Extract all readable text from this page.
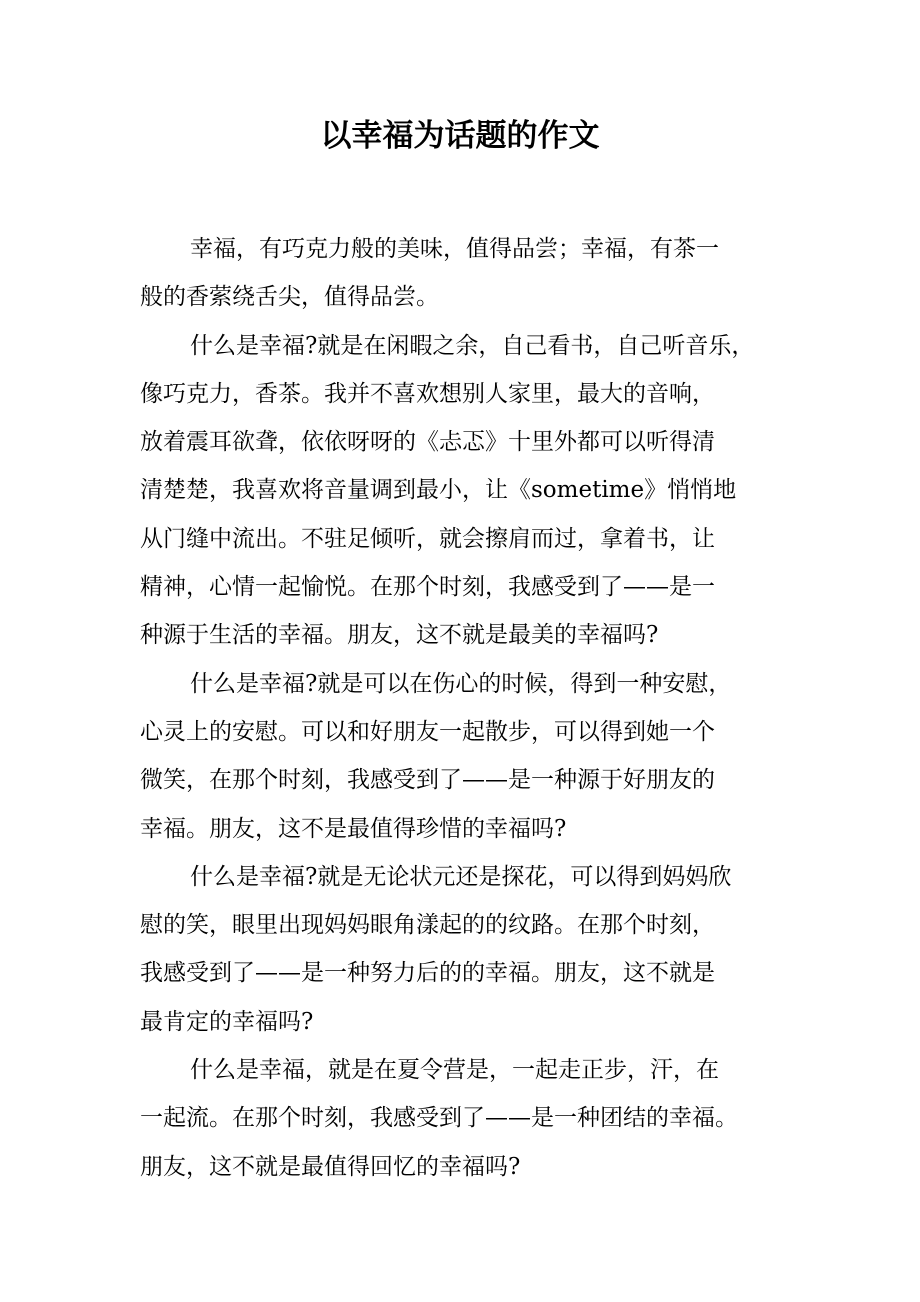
以幸福为话题的作文

幸福，有巧克力般的美味，值得品尝；幸福，有茶一

般的香萦绕舌尖，值得品尝。

什么是幸福?就是在闲暇之余，自己看书，自己听音乐，

像巧克力，香茶。我并不喜欢想别人家里，最大的音响，

放着震耳欲聋，依依呀呀的《忐忑》十里外都可以听得清

清楚楚，我喜欢将音量调到最小，让《sometime》悄悄地

从门缝中流出。不驻足倾听，就会擦肩而过，拿着书，让

精神，心情一起愉悦。在那个时刻，我感受到了——是一

种源于生活的幸福。朋友，这不就是最美的幸福吗?

什么是幸福?就是可以在伤心的时候，得到一种安慰，

心灵上的安慰。可以和好朋友一起散步，可以得到她一个

微笑，在那个时刻，我感受到了——是一种源于好朋友的

幸福。朋友，这不是最值得珍惜的幸福吗?

什么是幸福?就是无论状元还是探花，可以得到妈妈欣

慰的笑，眼里出现妈妈眼角漾起的的纹路。在那个时刻，

我感受到了——是一种努力后的的幸福。朋友，这不就是

最肯定的幸福吗?

什么是幸福，就是在夏令营是，一起走正步，汗，在

一起流。在那个时刻，我感受到了——是一种团结的幸福。

朋友，这不就是最值得回忆的幸福吗?
